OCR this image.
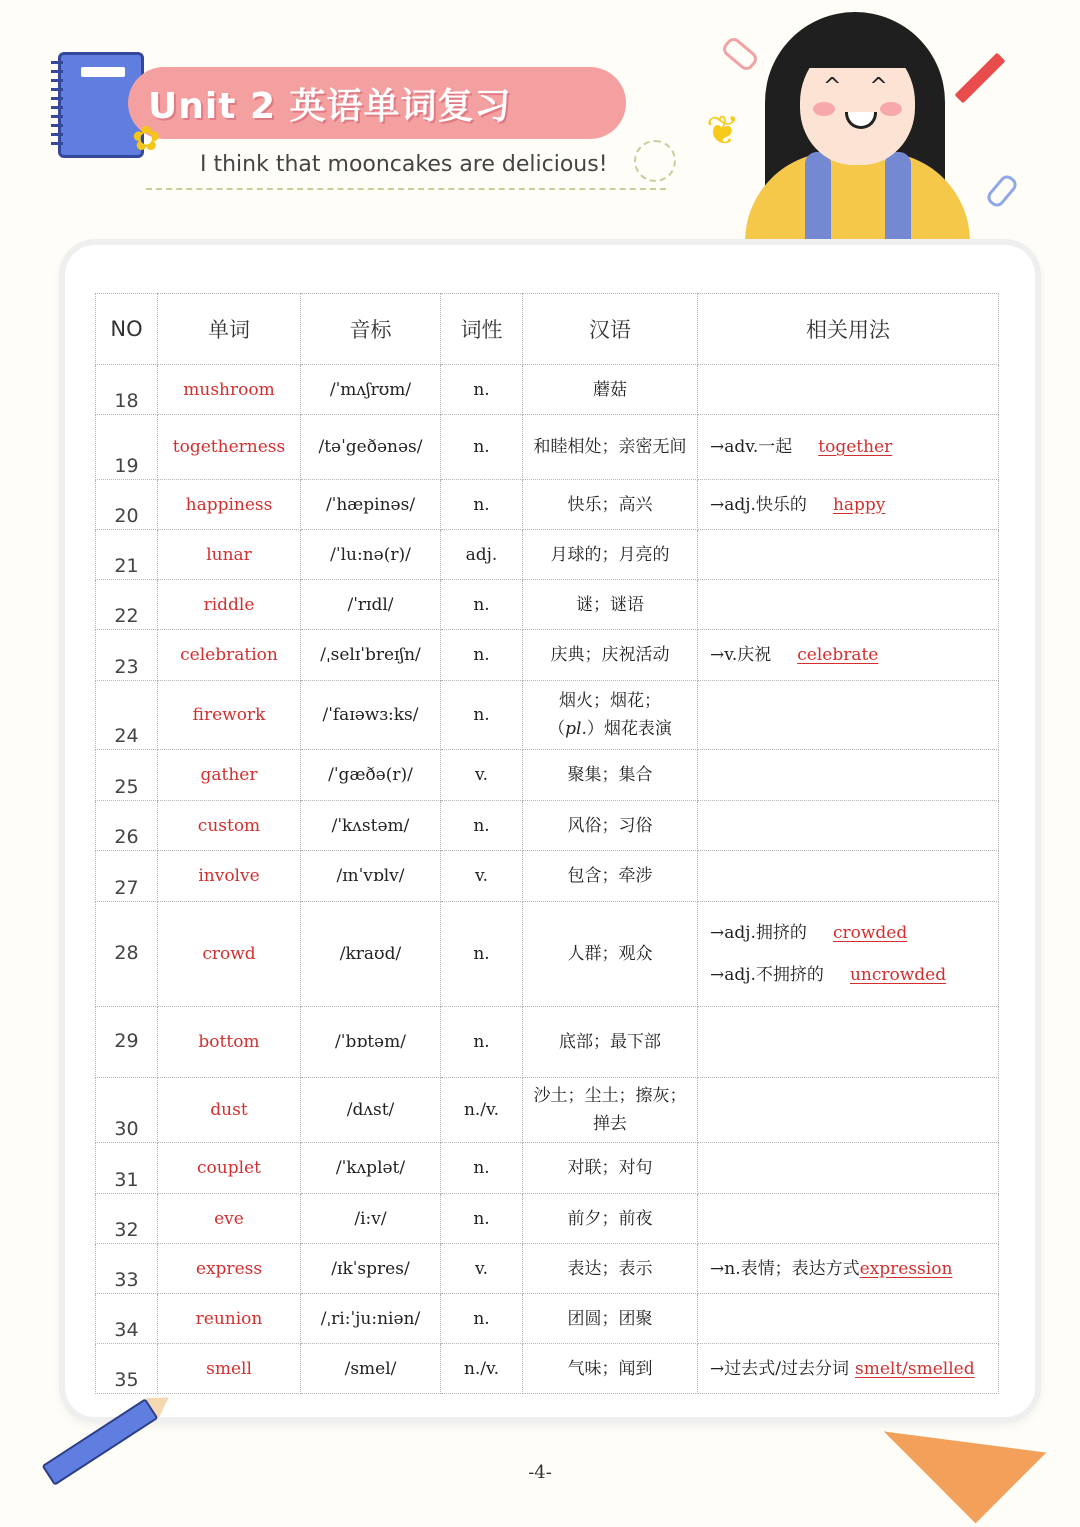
Unit 2 英语单词复习
✿
I think that mooncakes are delicious!
❦
^^
NO	单词	音标	词性	汉语	相关用法
18	mushroom	/ˈmʌʃrʊm/	n.	蘑菇	
19	togetherness	/təˈgeðənəs/	n.	和睦相处；亲密无间	→adv.一起 together
20	happiness	/ˈhæpinəs/	n.	快乐；高兴	→adj.快乐的 happy
21	lunar	/ˈlu:nə(r)/	adj.	月球的；月亮的	
22	riddle	/ˈrɪdl/	n.	谜；谜语	
23	celebration	/ˌselɪˈbreɪʃn/	n.	庆典；庆祝活动	→v.庆祝 celebrate
24	firework	/ˈfaɪəwɜ:ks/	n.	烟火；烟花；
（pl.）烟花表演	

25	gather	/ˈgæðə(r)/	v.	聚集；集合	
26	custom	/ˈkʌstəm/	n.	风俗；习俗	
27	involve	/ɪnˈvɒlv/	v.	包含；牵涉	
28	crowd	/kraʊd/	n.	人群；观众	→adj.拥挤的 crowded
→adj.不拥挤的 uncrowded

29	bottom	/ˈbɒtəm/	n.	底部；最下部	
30	dust	/dʌst/	n./v.	沙土；尘土；擦灰；掸去	
31	couplet	/ˈkʌplət/	n.	对联；对句	
32	eve	/i:v/	n.	前夕；前夜	
33	express	/ɪkˈspres/	v.	表达；表示	→n.表情；表达方式expression
34	reunion	/ˌri:ˈju:niən/	n.	团圆；团聚	
35	smell	/smel/	n./v.	气味；闻到	→过去式/过去分词 smelt/smelled
-4-
